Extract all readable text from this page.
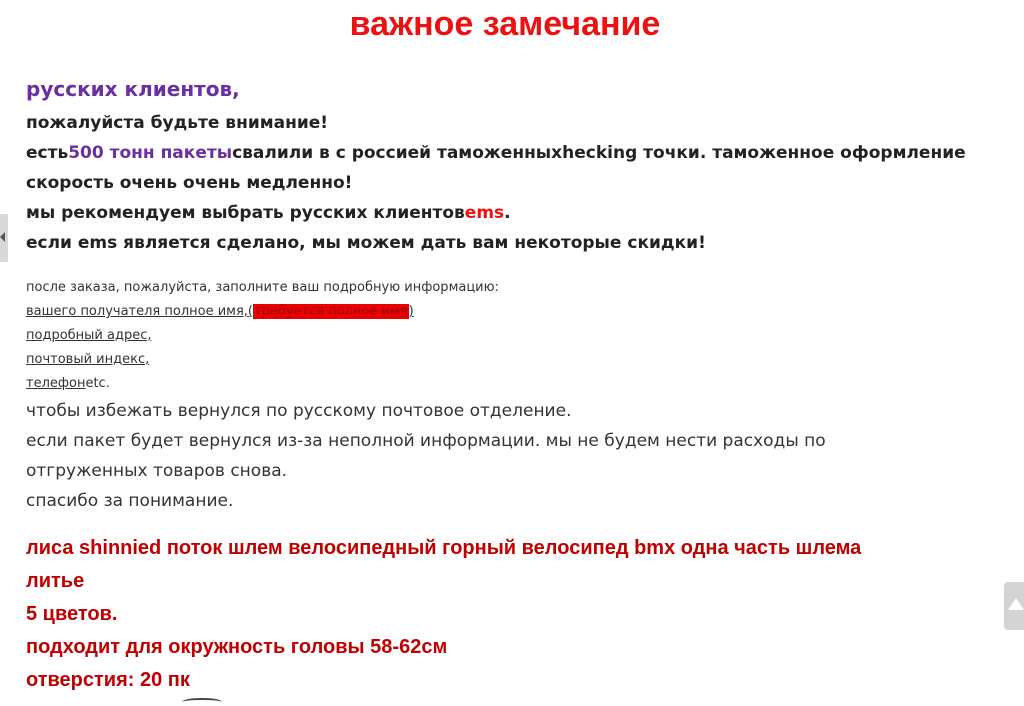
важное замечание
русских клиентов,
пожалуйста будьте внимание!
есть500 тонн пакетысвалили в с россией таможенныхhecking точки. таможенное оформление
скорость очень очень медленно!
мы рекомендуем выбрать русских клиентовems.
если ems является сделано, мы можем дать вам некоторые скидки!
после заказа, пожалуйста, заполните ваш подробную информацию:
вашего получателя полное имя,(требуется полное имя)
подробный адрес,
почтовый индекс,
телефонetc.
чтобы избежать вернулся по русскому почтовое отделение.
если пакет будет вернулся из-за неполной информации. мы не будем нести расходы по
отгруженных товаров снова.
спасибо за понимание.
лиса shinnied поток шлем велосипедный горный велосипед bmx одна часть шлема
литье
5 цветов.
подходит для окружность головы 58-62см
отверстия: 20 пк
